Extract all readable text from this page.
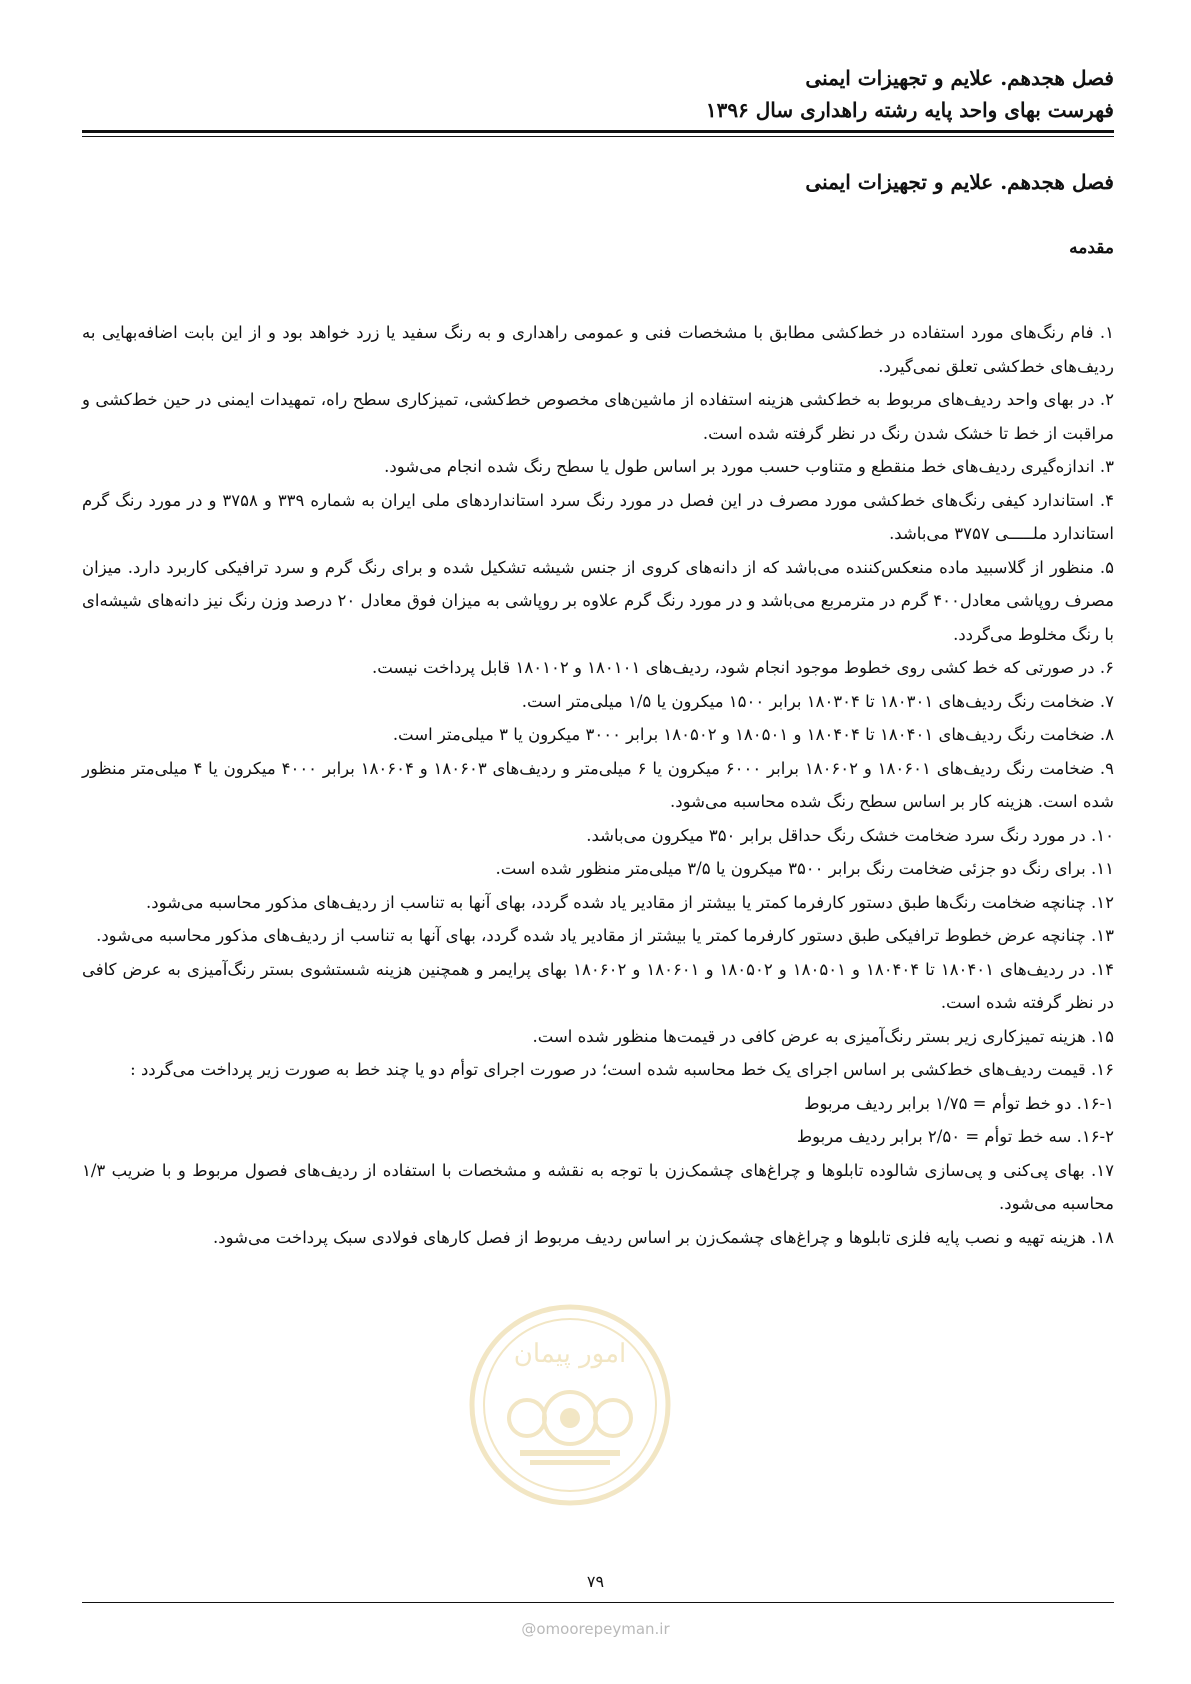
فصل هجدهم. علایم و تجهیزات ایمنی
فهرست بهای واحد پایه رشته راهداری سال ۱۳۹۶
فصل هجدهم. علایم و تجهیزات ایمنی
مقدمه

۱. فام رنگ‌های مورد استفاده در خط‌کشی مطابق با مشخصات فنی و عمومی راهداری و به رنگ سفید یا زرد خواهد بود و از این بابت اضافه‌بهایی به ردیف‌های خط‌کشی تعلق نمی‌گیرد.

۲. در بهای واحد ردیف‌های مربوط به خط‌کشی هزینه استفاده از ماشین‌های مخصوص خط‌کشی، تمیزکاری سطح راه، تمهیدات ایمنی در حین خط‌کشی و مراقبت از خط تا خشک شدن رنگ در نظر گرفته شده است.

۳. اندازه‌گیری ردیف‌های خط منقطع و متناوب حسب مورد بر اساس طول یا سطح رنگ شده انجام می‌شود.

۴. استاندارد کیفی رنگ‌های خط‌کشی مورد مصرف در این فصل در مورد رنگ سرد استانداردهای ملی ایران به شماره ۳۳۹ و ۳۷۵۸ و در مورد رنگ گرم استاندارد ملـــــی ۳۷۵۷ می‌باشد.

۵. منظور از گلاسبید ماده منعکس‌کننده می‌باشد که از دانه‌های کروی از جنس شیشه تشکیل شده و برای رنگ گرم و سرد ترافیکی کاربرد دارد. میزان مصرف روپاشی معادل۴۰۰ گرم در مترمربع می‌باشد و در مورد رنگ گرم علاوه بر روپاشی به میزان فوق معادل ۲۰ درصد وزن رنگ نیز دانه‌های شیشه‌ای با رنگ مخلوط می‌گردد.

۶. در صورتی که خط کشی روی خطوط موجود انجام شود، ردیف‌های ۱۸۰۱۰۱ و ۱۸۰۱۰۲ قابل پرداخت نیست.

۷. ضخامت رنگ ردیف‌های ۱۸۰۳۰۱ تا ۱۸۰۳۰۴ برابر ۱۵۰۰ میکرون یا ۱/۵ میلی‌متر است.

۸. ضخامت رنگ ردیف‌های ۱۸۰۴۰۱ تا ۱۸۰۴۰۴ و ۱۸۰۵۰۱ و ۱۸۰۵۰۲ برابر ۳۰۰۰ میکرون یا ۳ میلی‌متر است.

۹. ضخامت رنگ ردیف‌های ۱۸۰۶۰۱ و ۱۸۰۶۰۲ برابر ۶۰۰۰ میکرون یا ۶ میلی‌متر و ردیف‌های ۱۸۰۶۰۳ و ۱۸۰۶۰۴ برابر ۴۰۰۰ میکرون یا ۴ میلی‌متر منظور شده است. هزینه کار بر اساس سطح رنگ شده محاسبه می‌شود.

۱۰. در مورد رنگ سرد ضخامت خشک رنگ حداقل برابر ۳۵۰ میکرون می‌باشد.

۱۱. برای رنگ دو جزئی ضخامت رنگ برابر ۳۵۰۰ میکرون یا ۳/۵ میلی‌متر منظور شده است.

۱۲. چنانچه ضخامت رنگ‌ها طبق دستور کارفرما کمتر یا بیشتر از مقادیر یاد شده گردد، بهای آنها به تناسب از ردیف‌های مذکور محاسبه می‌شود.

۱۳. چنانچه عرض خطوط ترافیکی طبق دستور کارفرما کمتر یا بیشتر از مقادیر یاد شده گردد، بهای آنها به تناسب از ردیف‌های مذکور محاسبه می‌شود.

۱۴. در ردیف‌های ۱۸۰۴۰۱ تا ۱۸۰۴۰۴ و ۱۸۰۵۰۱ و ۱۸۰۵۰۲ و ۱۸۰۶۰۱ و ۱۸۰۶۰۲ بهای پرایمر و همچنین هزینه شستشوی بستر رنگ‌آمیزی به عرض کافی در نظر گرفته شده است.

۱۵. هزینه تمیزکاری زیر بستر رنگ‌آمیزی به عرض کافی در قیمت‌ها منظور شده است.

۱۶. قیمت ردیف‌های خط‌کشی بر اساس اجرای یک خط محاسبه شده است؛ در صورت اجرای توأم دو یا چند خط به صورت زیر پرداخت می‌گردد :

۱۶-۱. دو خط توأم = ۱/۷۵ برابر ردیف مربوط

۱۶-۲. سه خط توأم = ۲/۵۰ برابر ردیف مربوط

۱۷. بهای پی‌کنی و پی‌سازی شالوده تابلوها و چراغ‌های چشمک‌زن با توجه به نقشه و مشخصات با استفاده از ردیف‌های فصول مربوط و با ضریب ۱/۳ محاسبه می‌شود.

۱۸. هزینه تهیه و نصب پایه فلزی تابلوها و چراغ‌های چشمک‌زن بر اساس ردیف مربوط از فصل کارهای فولادی سبک پرداخت می‌شود.

امور پیمان
۷۹
@omoorepeyman.ir
